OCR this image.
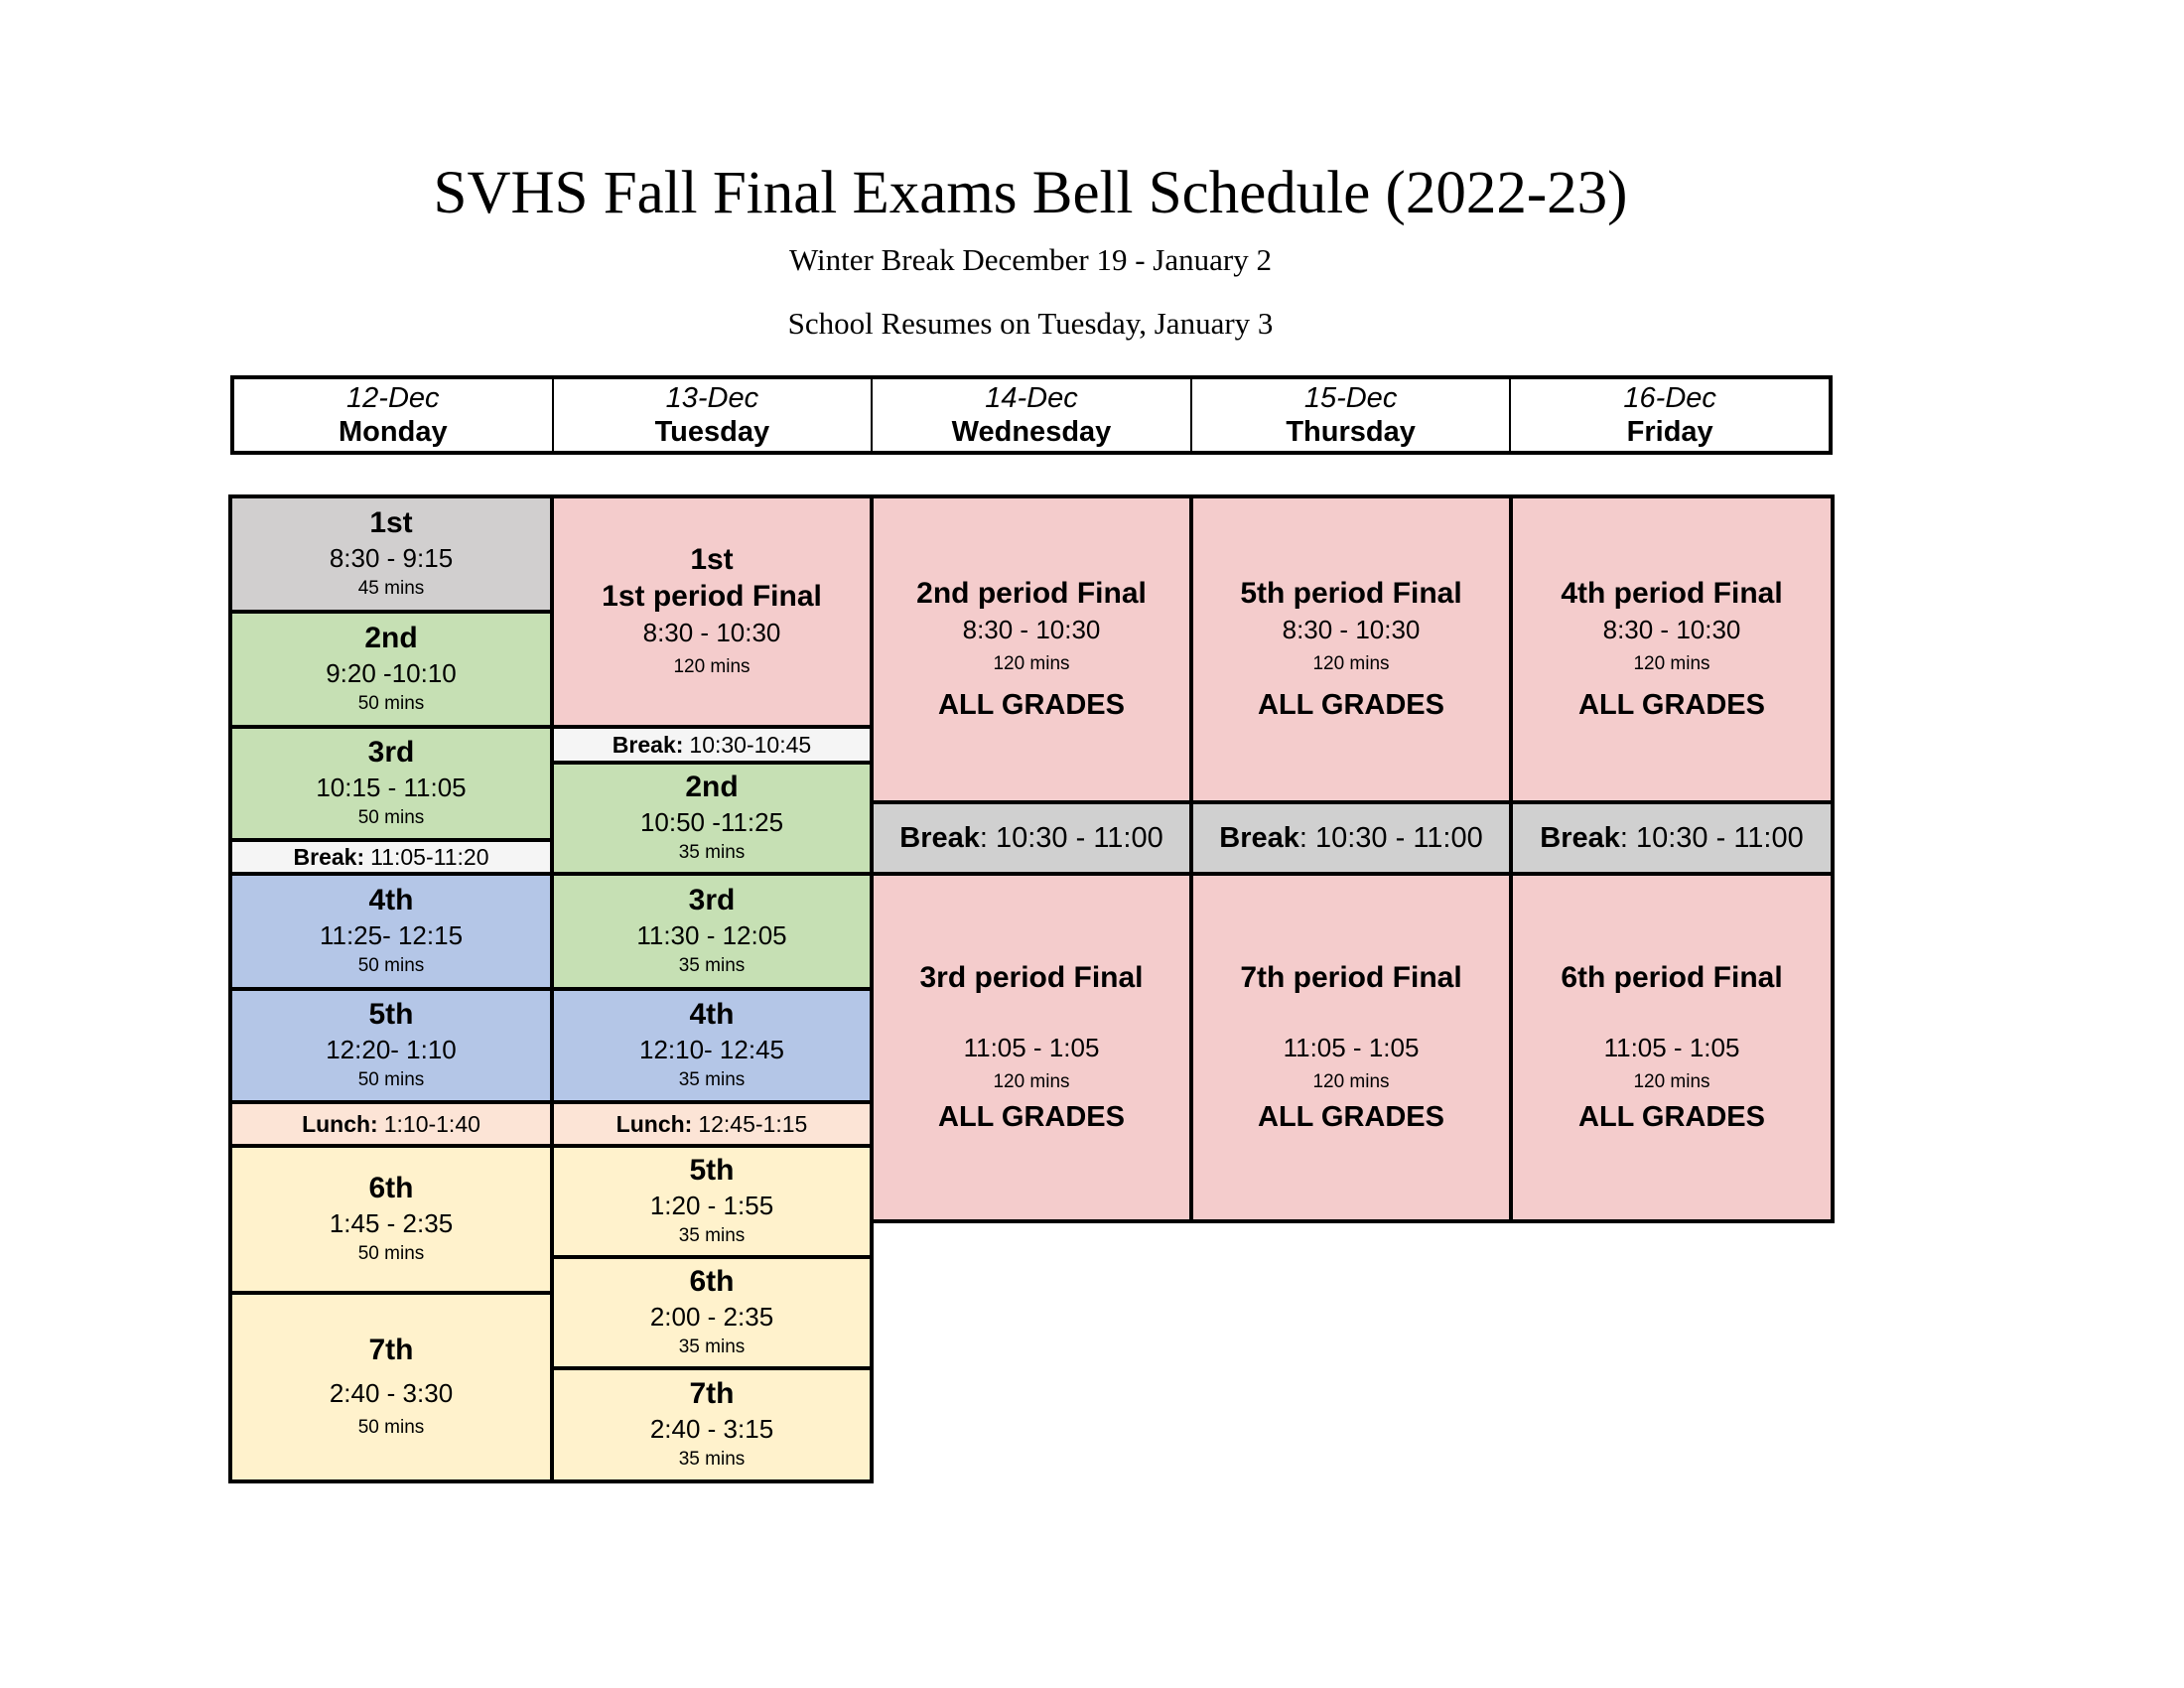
SVHS Fall Final Exams Bell Schedule (2022-23)
Winter Break December 19 - January 2
School Resumes on Tuesday, January 3
12-Dec
Monday
13-Dec
Tuesday
14-Dec
Wednesday
15-Dec
Thursday
16-Dec
Friday
1st
8:30 - 9:15
45 mins
2nd
9:20 -10:10
50 mins
3rd
10:15 - 11:05
50 mins
Break: 11:05-11:20
4th
11:25- 12:15
50 mins
5th
12:20- 1:10
50 mins
Lunch: 1:10-1:40
6th
1:45 - 2:35
50 mins
7th
2:40 - 3:30
50 mins
1st
1st period Final
8:30 - 10:30
120 mins
Break: 10:30-10:45
2nd
10:50 -11:25
35 mins
3rd
11:30 - 12:05
35 mins
4th
12:10- 12:45
35 mins
Lunch: 12:45-1:15
5th
1:20 - 1:55
35 mins
6th
2:00 - 2:35
35 mins
7th
2:40 - 3:15
35 mins
2nd period Final
8:30 - 10:30
120 mins
ALL GRADES
Break : 10:30 - 11:00
3rd period Final
11:05 - 1:05
120 mins
ALL GRADES
5th period Final
8:30 - 10:30
120 mins
ALL GRADES
Break : 10:30 - 11:00
7th period Final
11:05 - 1:05
120 mins
ALL GRADES
4th period Final
8:30 - 10:30
120 mins
ALL GRADES
Break : 10:30 - 11:00
6th period Final
11:05 - 1:05
120 mins
ALL GRADES
